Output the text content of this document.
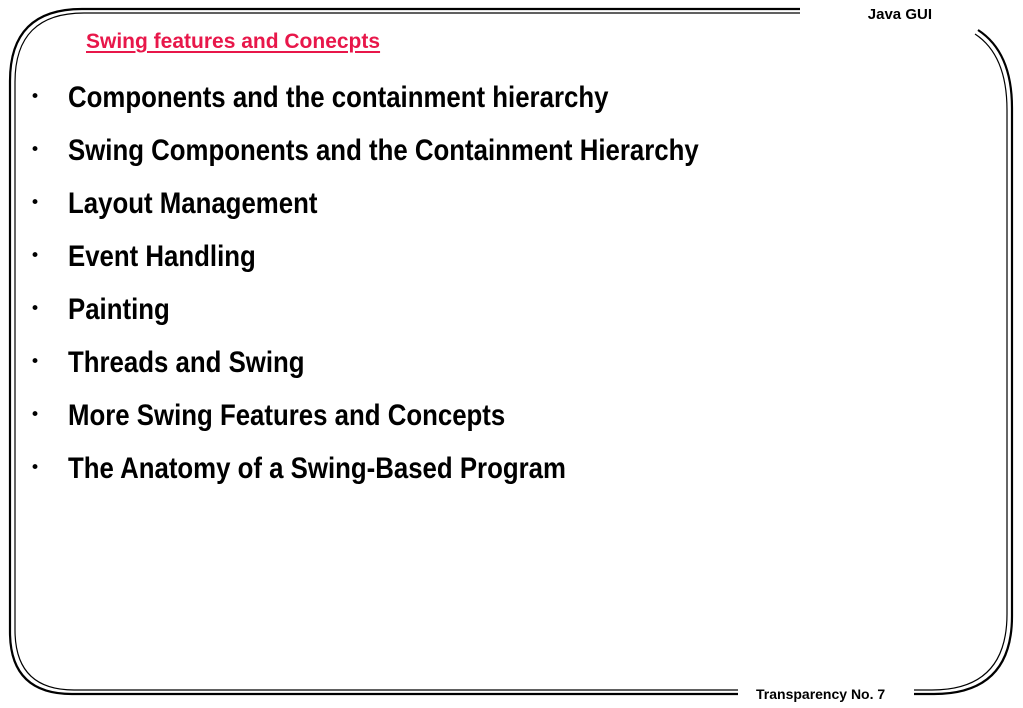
Java GUI
Swing features and Conecpts
• Components and the containment hierarchy
• Swing Components and the Containment Hierarchy
• Layout Management
• Event Handling
• Painting
• Threads and Swing
• More Swing Features and Concepts
• The Anatomy of a Swing-Based Program
Transparency No. 7
